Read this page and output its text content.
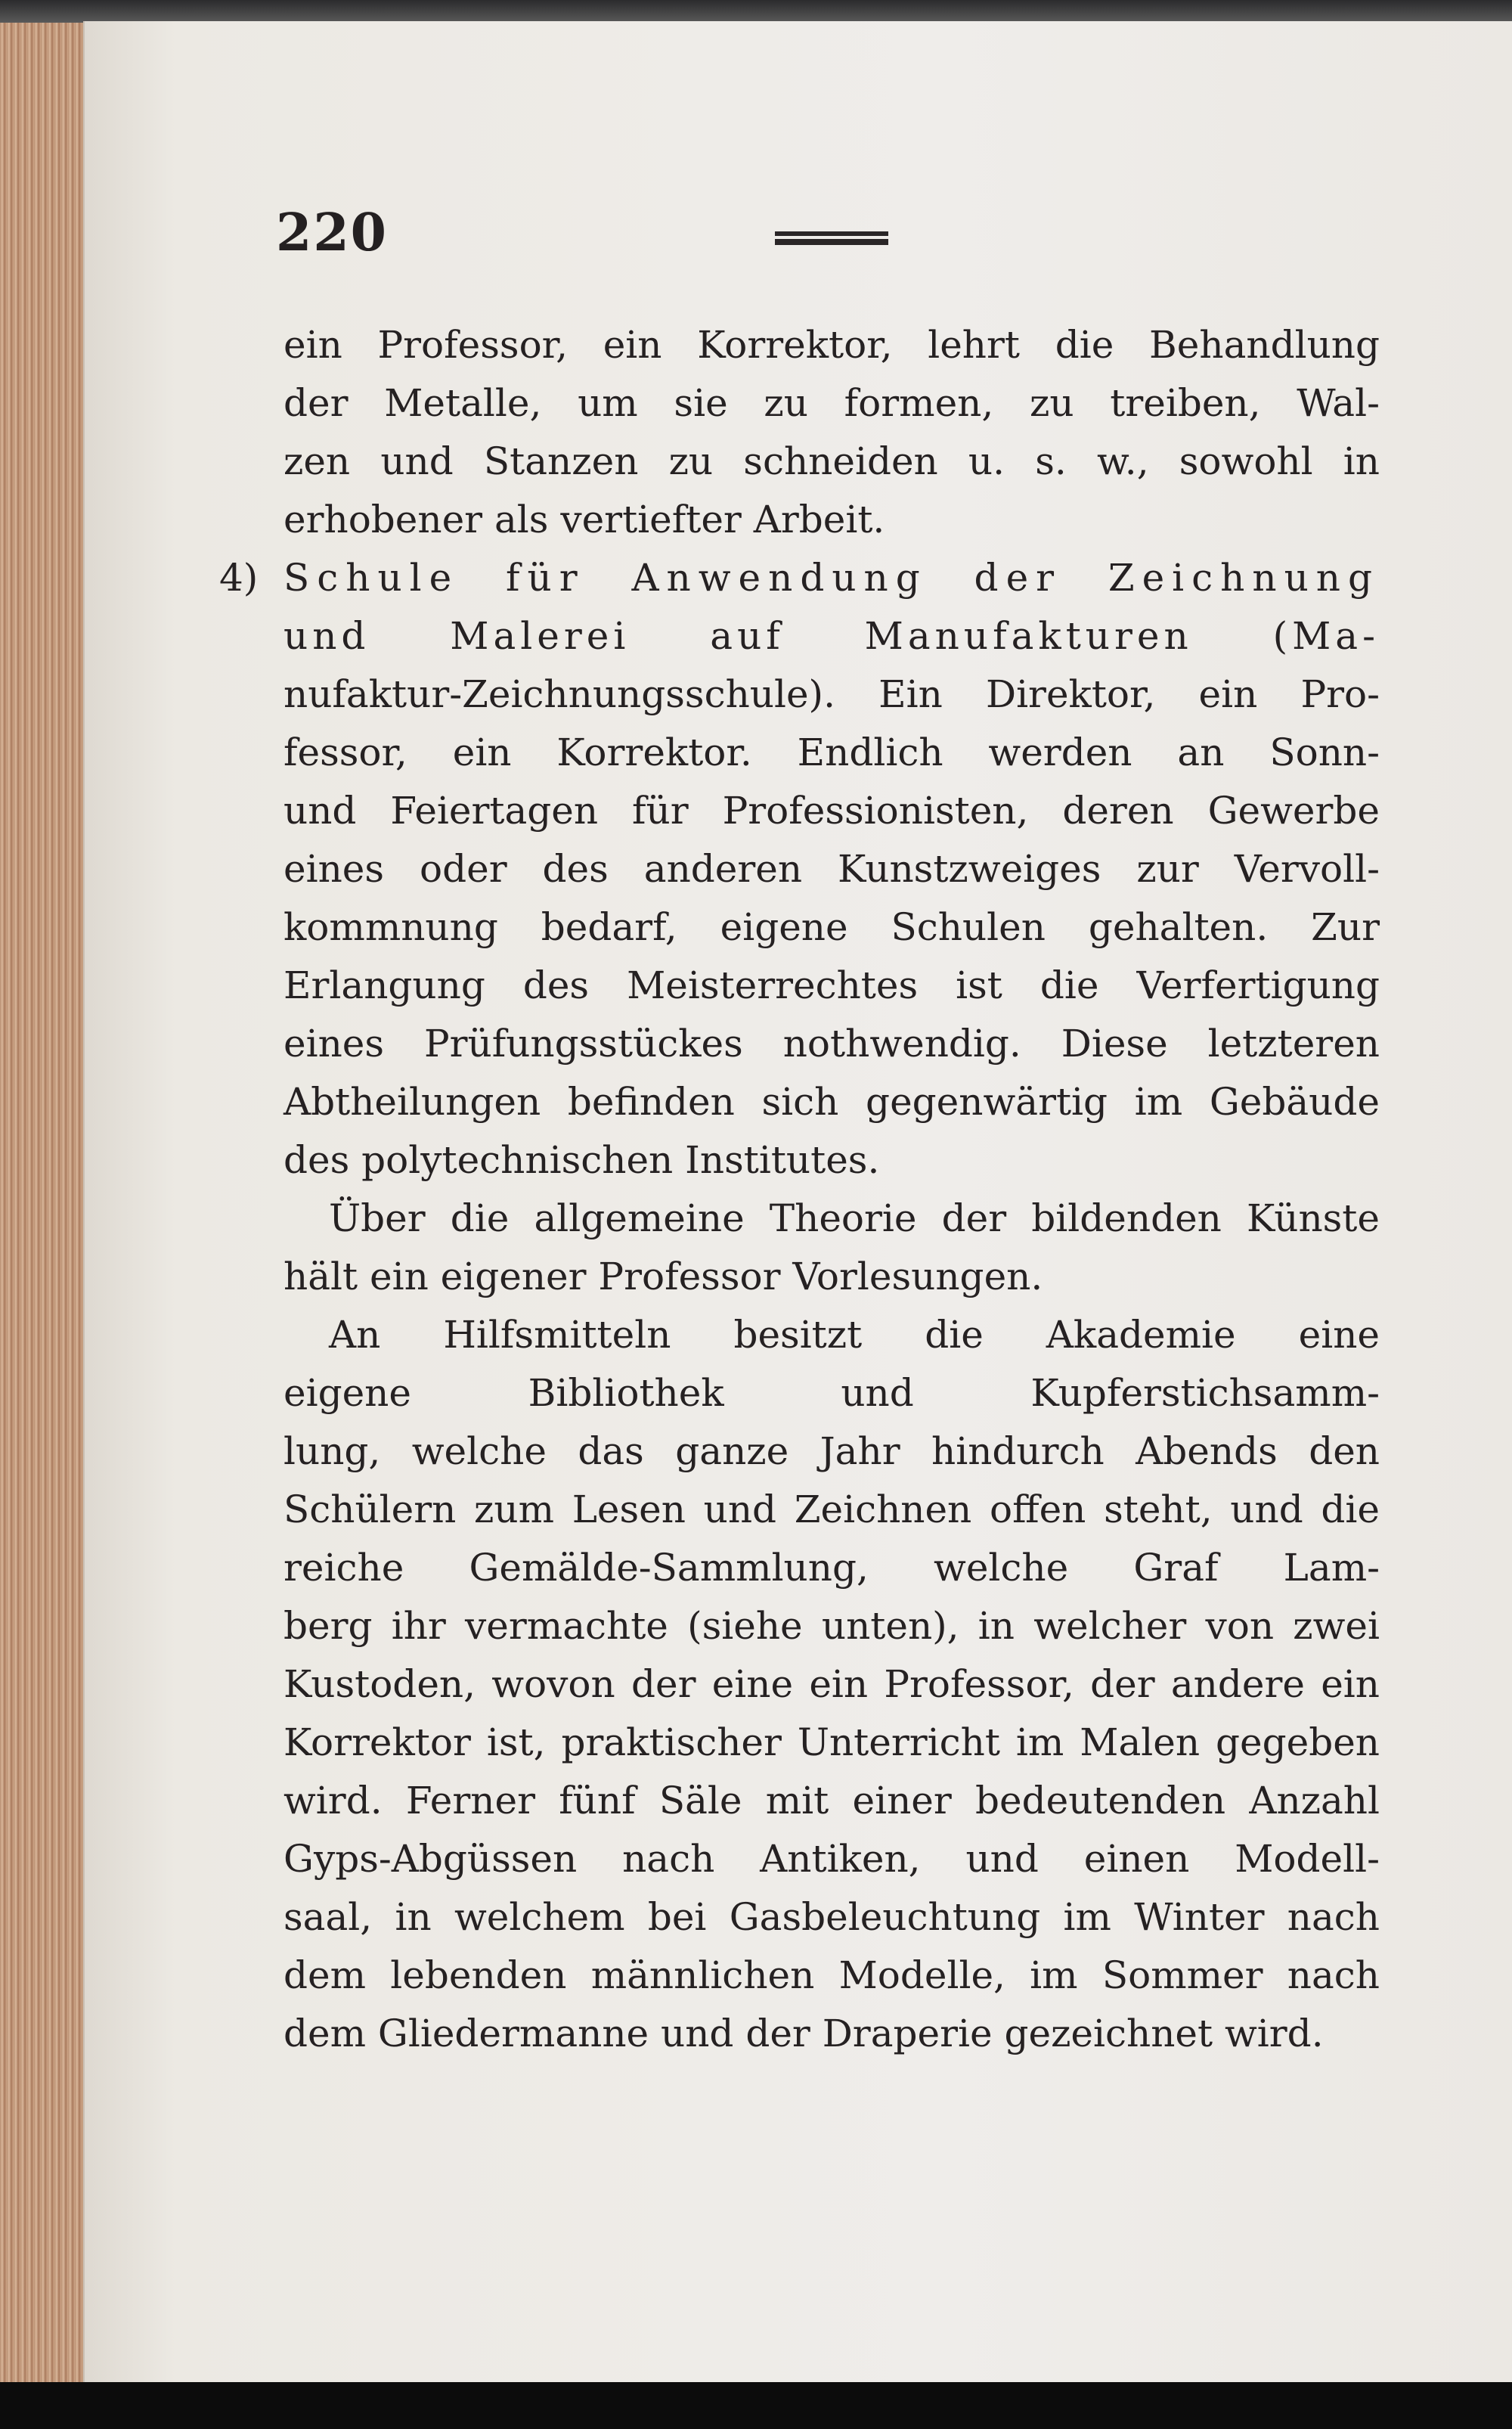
220
ein Professor, ein Korrektor, lehrt die Behandlung
der Metalle, um sie zu formen, zu treiben, Wal-
zen und Stanzen zu schneiden u. s. w., sowohl in
erhobener als vertiefter Arbeit.
4) Schule für Anwendung der Zeichnung
und Malerei auf Manufakturen (Ma-
nufaktur-Zeichnungsschule). Ein Direktor, ein Pro-
fessor, ein Korrektor. Endlich werden an Sonn-
und Feiertagen für Professionisten, deren Gewerbe
eines oder des anderen Kunstzweiges zur Vervoll-
kommnung bedarf, eigene Schulen gehalten. Zur
Erlangung des Meisterrechtes ist die Verfertigung
eines Prüfungsstückes nothwendig. Diese letzteren
Abtheilungen befinden sich gegenwärtig im Gebäude
des polytechnischen Institutes.
Über die allgemeine Theorie der bildenden Künste
hält ein eigener Professor Vorlesungen.
An Hilfsmitteln besitzt die Akademie eine
eigene Bibliothek und Kupferstichsamm-
lung, welche das ganze Jahr hindurch Abends den
Schülern zum Lesen und Zeichnen offen steht, und die
reiche Gemälde-Sammlung, welche Graf Lam-
berg ihr vermachte (siehe unten), in welcher von zwei
Kustoden, wovon der eine ein Professor, der andere ein
Korrektor ist, praktischer Unterricht im Malen gegeben
wird. Ferner fünf Säle mit einer bedeutenden Anzahl
Gyps-Abgüssen nach Antiken, und einen Modell-
saal, in welchem bei Gasbeleuchtung im Winter nach
dem lebenden männlichen Modelle, im Sommer nach
dem Gliedermanne und der Draperie gezeichnet wird.
